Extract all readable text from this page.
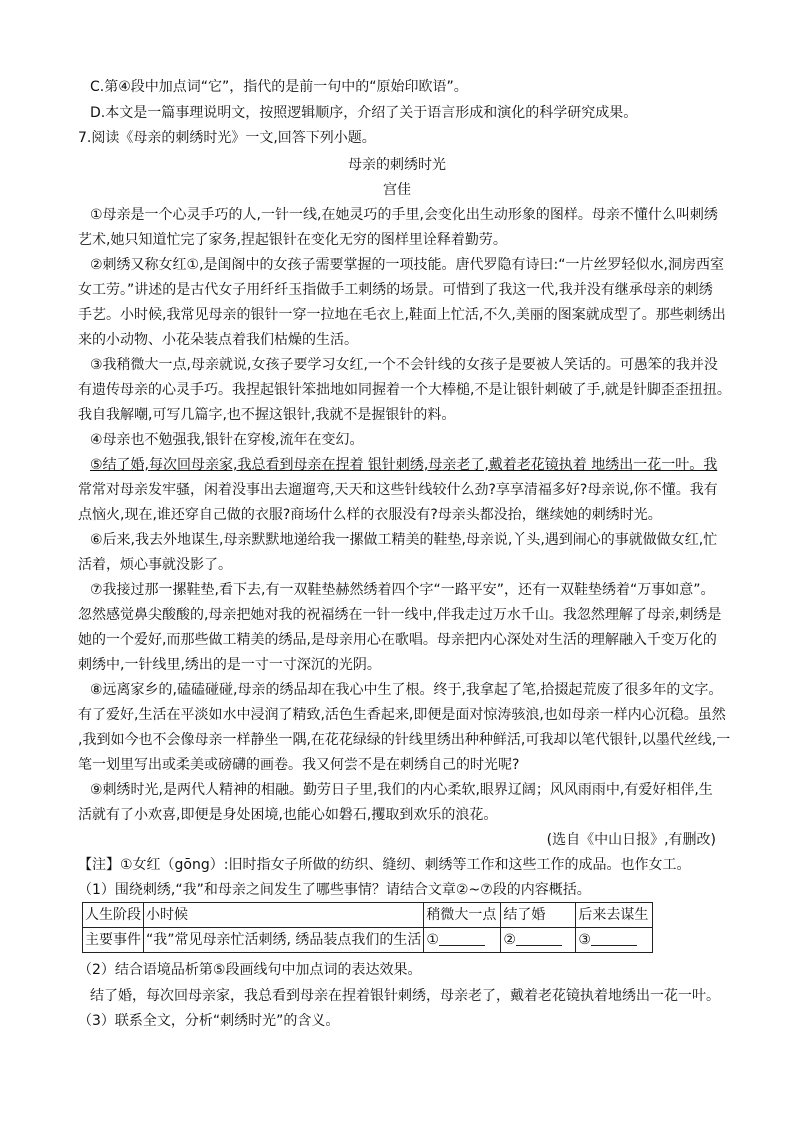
C.第④段中加点词“它”，指代的是前一句中的“原始印欧语”。
D.本文是一篇事理说明文，按照逻辑顺序，介绍了关于语言形成和演化的科学研究成果。
7.阅读《母亲的刺绣时光》一文,回答下列小题。
母亲的刺绣时光
宫佳
①母亲是一个心灵手巧的人,一针一线,在她灵巧的手里,会变化出生动形象的图样。母亲不懂什么叫刺绣
艺术,她只知道忙完了家务,捏起银针在变化无穷的图样里诠释着勤劳。
②刺绣又称女红①,是闺阁中的女孩子需要掌握的一项技能。唐代罗隐有诗曰:“一片丝罗轻似水,洞房西室
女工劳。”讲述的是古代女子用纤纤玉指做手工刺绣的场景。可惜到了我这一代,我并没有继承母亲的刺绣
手艺。小时候,我常见母亲的银针一穿一拉地在毛衣上,鞋面上忙活,不久,美丽的图案就成型了。那些刺绣出
来的小动物、小花朵装点着我们枯燥的生活。
③我稍微大一点,母亲就说,女孩子要学习女红,一个不会针线的女孩子是要被人笑话的。可愚笨的我并没
有遗传母亲的心灵手巧。我捏起银针笨拙地如同握着一个大棒槌,不是让银针刺破了手,就是针脚歪歪扭扭。
我自我解嘲,可写几篇字,也不握这银针,我就不是握银针的料。
④母亲也不勉强我,银针在穿梭,流年在变幻。
⑤结了婚,每次回母亲家,我总看到母亲在捏着 银针刺绣,母亲老了,戴着老花镜执着 地绣出一花一叶。我
常常对母亲发牢骚，闲着没事出去遛遛弯,天天和这些针线较什么劲?享享清福多好?母亲说,你不懂。我有
点恼火,现在,谁还穿自己做的衣服?商场什么样的衣服没有?母亲头都没抬，继续她的刺绣时光。
⑥后来,我去外地谋生,母亲默默地递给我一摞做工精美的鞋垫,母亲说,丫头,遇到闹心的事就做做女红,忙
活着，烦心事就没影了。
⑦我接过那一摞鞋垫,看下去,有一双鞋垫赫然绣着四个字“一路平安”，还有一双鞋垫绣着“万事如意”。
忽然感觉鼻尖酸酸的,母亲把她对我的祝福绣在一针一线中,伴我走过万水千山。我忽然理解了母亲,刺绣是
她的一个爱好,而那些做工精美的绣品,是母亲用心在歌唱。母亲把内心深处对生活的理解融入千变万化的
刺绣中,一针线里,绣出的是一寸一寸深沉的光阴。
⑧远离家乡的,磕磕碰碰,母亲的绣品却在我心中生了根。终于,我拿起了笔,拾掇起荒废了很多年的文字。
有了爱好,生活在平淡如水中浸润了精致,活色生香起来,即便是面对惊涛骇浪,也如母亲一样内心沉稳。虽然
,我到如今也不会像母亲一样静坐一隅,在花花绿绿的针线里绣出种种鲜活,可我却以笔代银针,以墨代丝线,一
笔一划里写出或柔美或磅礴的画卷。我又何尝不是在刺绣自己的时光呢?
⑨刺绣时光,是两代人精神的相融。勤劳日子里,我们的内心柔软,眼界辽阔；风风雨雨中,有爱好相伴,生
活就有了小欢喜,即便是身处困境,也能心如磐石,攫取到欢乐的浪花。
(选自《中山日报》,有删改)
【注】①女红（gōng）:旧时指女子所做的纺织、缝纫、刺绣等工作和这些工作的成品。也作女工。
（1）围绕刺绣,“我”和母亲之间发生了哪些事情？请结合文章②~⑦段的内容概括。
人生阶段	小时候	稍微大一点	结了婚	后来去谋生
主要事件	“我”常见母亲忙活刺绣, 绣品装点我们的生活	①	②	③
（2）结合语境品析第⑤段画线句中加点词的表达效果。
结了婚，每次回母亲家，我总看到母亲在捏着银针刺绣，母亲老了，戴着老花镜执着地绣出一花一叶。
（3）联系全文，分析“刺绣时光”的含义。
